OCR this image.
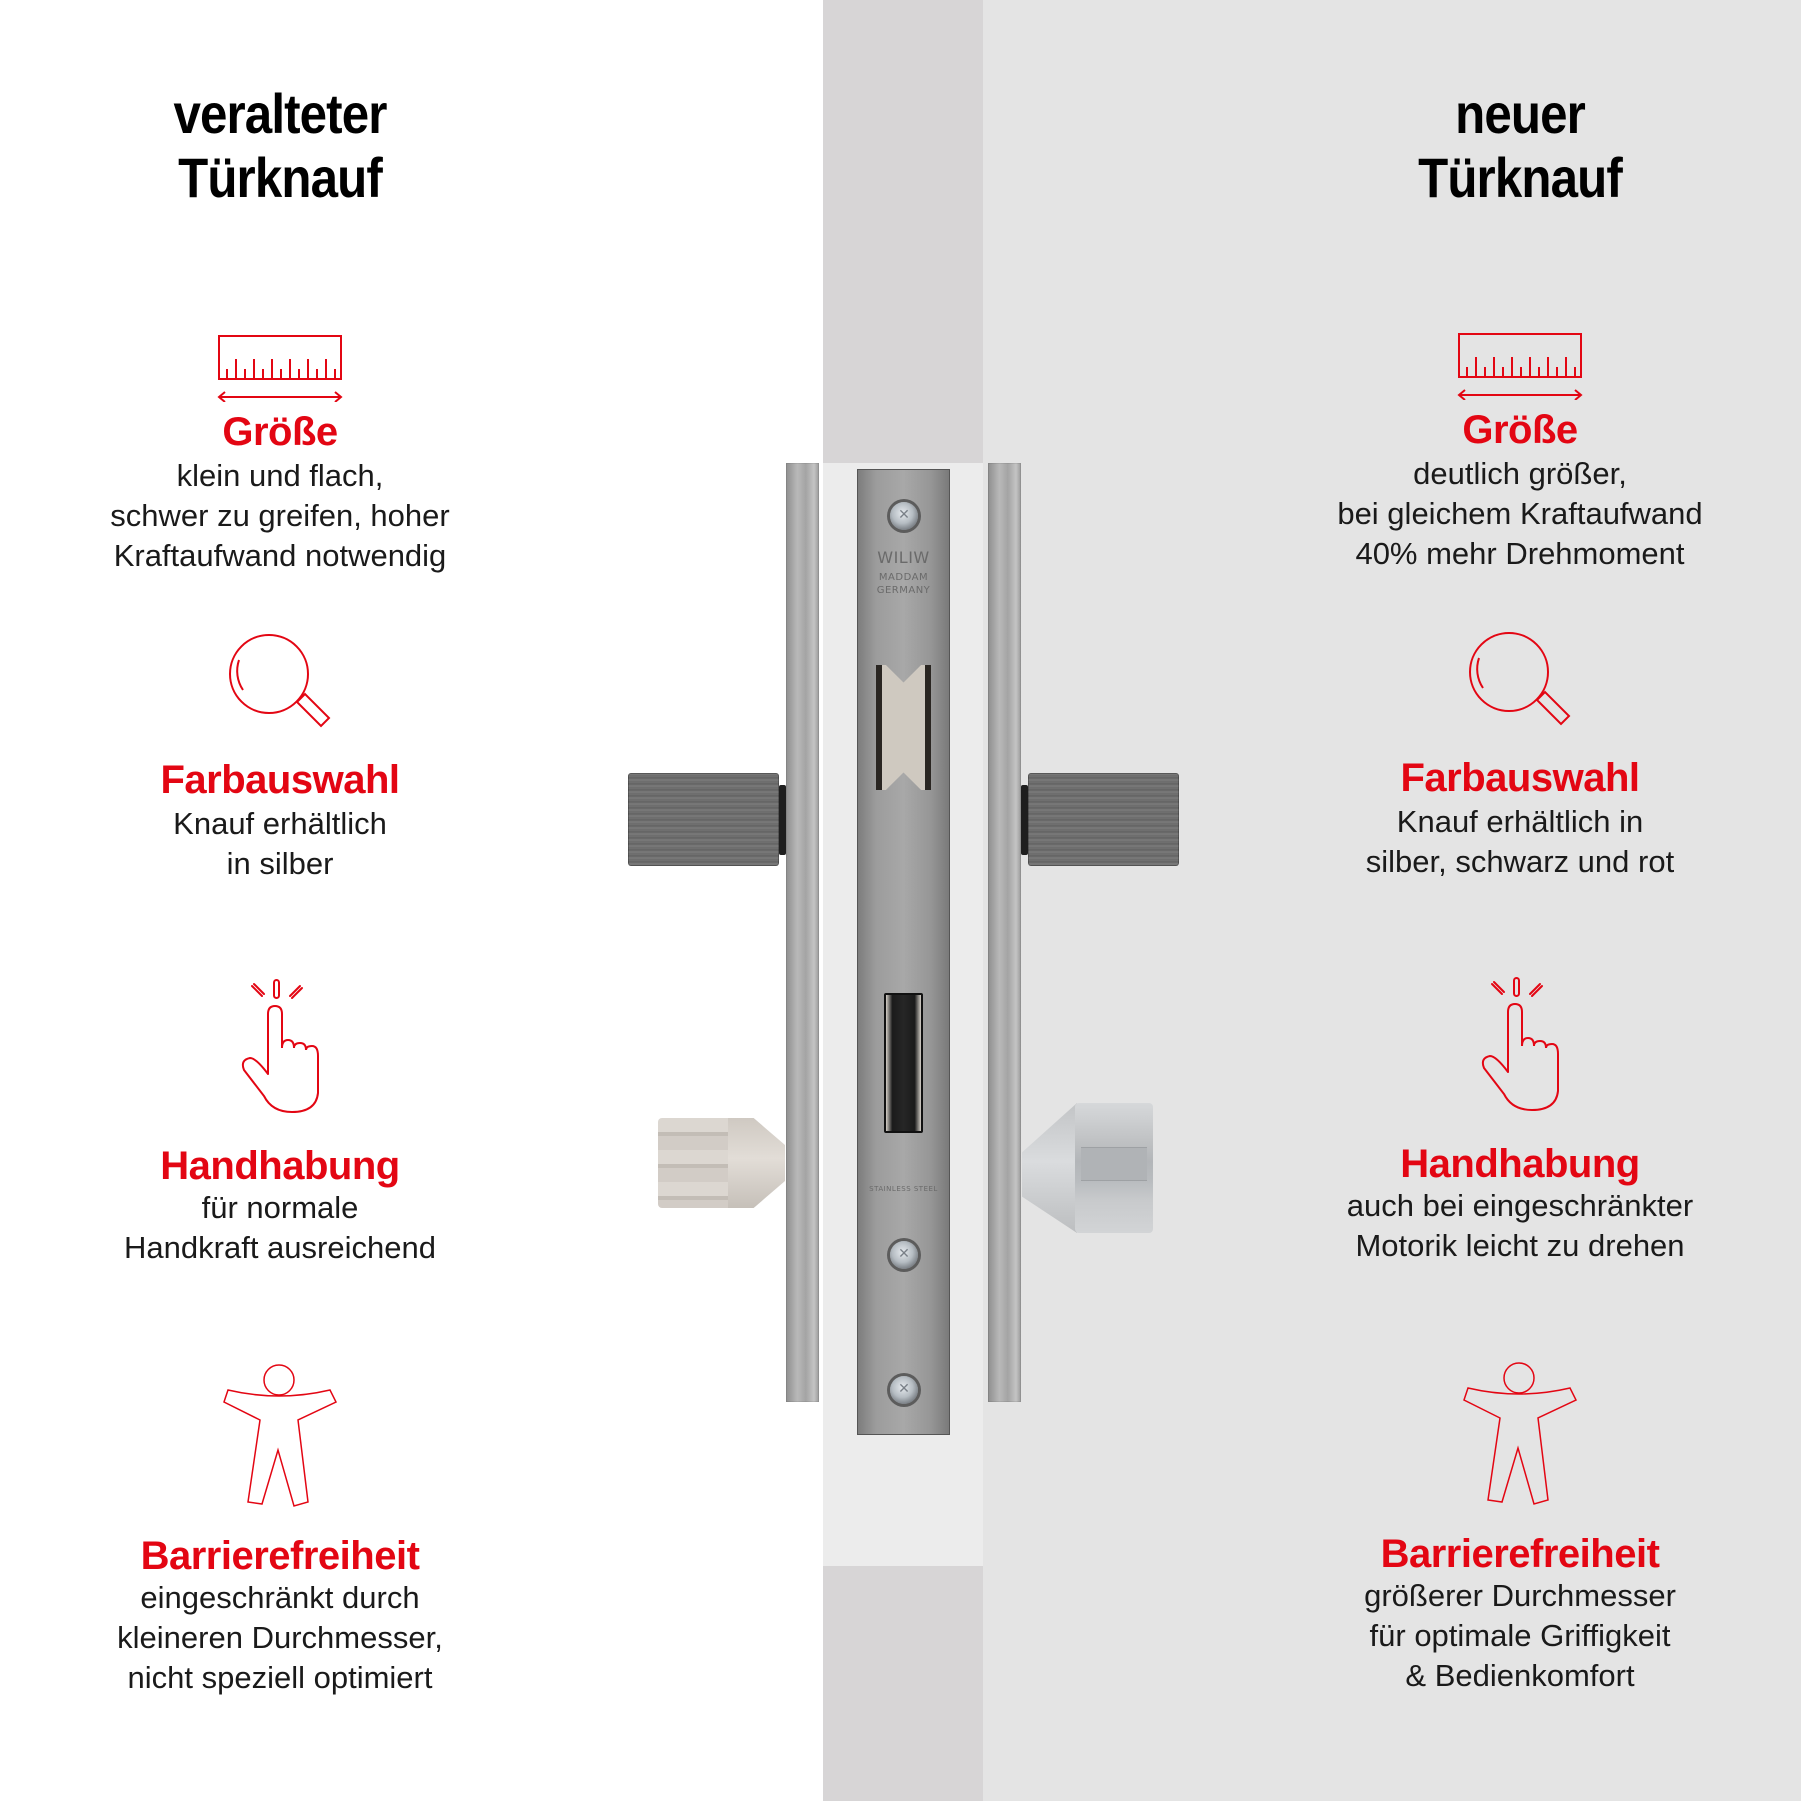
veralteter
Türknauf
Größe
klein und flach,
schwer zu greifen, hoher
Kraftaufwand notwendig
Farbauswahl
Knauf erhältlich
in silber
Handhabung
für normale
Handkraft ausreichend
Barrierefreiheit
eingeschränkt durch
kleineren Durchmesser,
nicht speziell optimiert
neuer
Türknauf
Größe
deutlich größer,
bei gleichem Kraftaufwand
40% mehr Drehmoment
Farbauswahl
Knauf erhältlich in
silber, schwarz und rot
Handhabung
auch bei eingeschränkter
Motorik leicht zu drehen
Barrierefreiheit
größerer Durchmesser
für optimale Griffigkeit
& Bedienkomfort
✕
WILIW
MADDAM
GERMANY
STAINLESS STEEL
✕
✕
